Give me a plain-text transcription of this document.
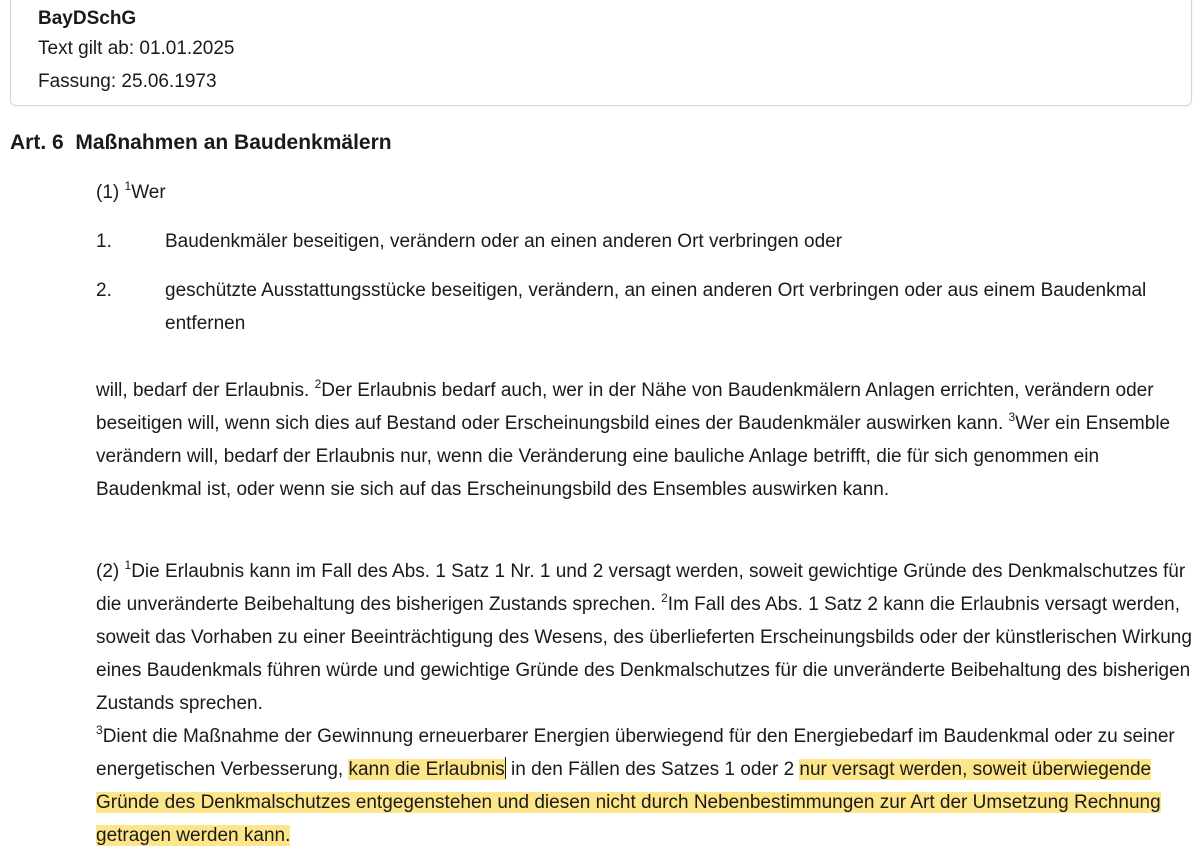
BayDSchG
Text gilt ab: 01.01.2025
Fassung: 25.06.1973
Art. 6  Maßnahmen an Baudenkmälern
(1) $^1$Wer
1.	Baudenkmäler beseitigen, verändern oder an einen anderen Ort verbringen oder
2.	geschützte Ausstattungsstücke beseitigen, verändern, an einen anderen Ort verbringen oder aus einem Baudenkmal entfernen
will, bedarf der Erlaubnis. $^2$Der Erlaubnis bedarf auch, wer in der Nähe von Baudenkmälern Anlagen errichten, verändern oder beseitigen will, wenn sich dies auf Bestand oder Erscheinungsbild eines der Baudenkmäler auswirken kann. $^3$Wer ein Ensemble verändern will, bedarf der Erlaubnis nur, wenn die Veränderung eine bauliche Anlage betrifft, die für sich genommen ein Baudenkmal ist, oder wenn sie sich auf das Erscheinungsbild des Ensembles auswirken kann.
(2) $^1$Die Erlaubnis kann im Fall des Abs. 1 Satz 1 Nr. 1 und 2 versagt werden, soweit gewichtige Gründe des Denkmalschutzes für die unveränderte Beibehaltung des bisherigen Zustands sprechen. $^2$Im Fall des Abs. 1 Satz 2 kann die Erlaubnis versagt werden, soweit das Vorhaben zu einer Beeinträchtigung des Wesens, des überlieferten Erscheinungsbilds oder der künstlerischen Wirkung eines Baudenkmals führen würde und gewichtige Gründe des Denkmalschutzes für die unveränderte Beibehaltung des bisherigen Zustands sprechen.
$^3$Dient die Maßnahme der Gewinnung erneuerbarer Energien überwiegend für den Energiebedarf im Baudenkmal oder zu seiner energetischen Verbesserung, kann die Erlaubnis in den Fällen des Satzes 1 oder 2 nur versagt werden, soweit überwiegende Gründe des Denkmalschutzes entgegenstehen und diesen nicht durch Nebenbestimmungen zur Art der Umsetzung Rechnung getragen werden kann.
